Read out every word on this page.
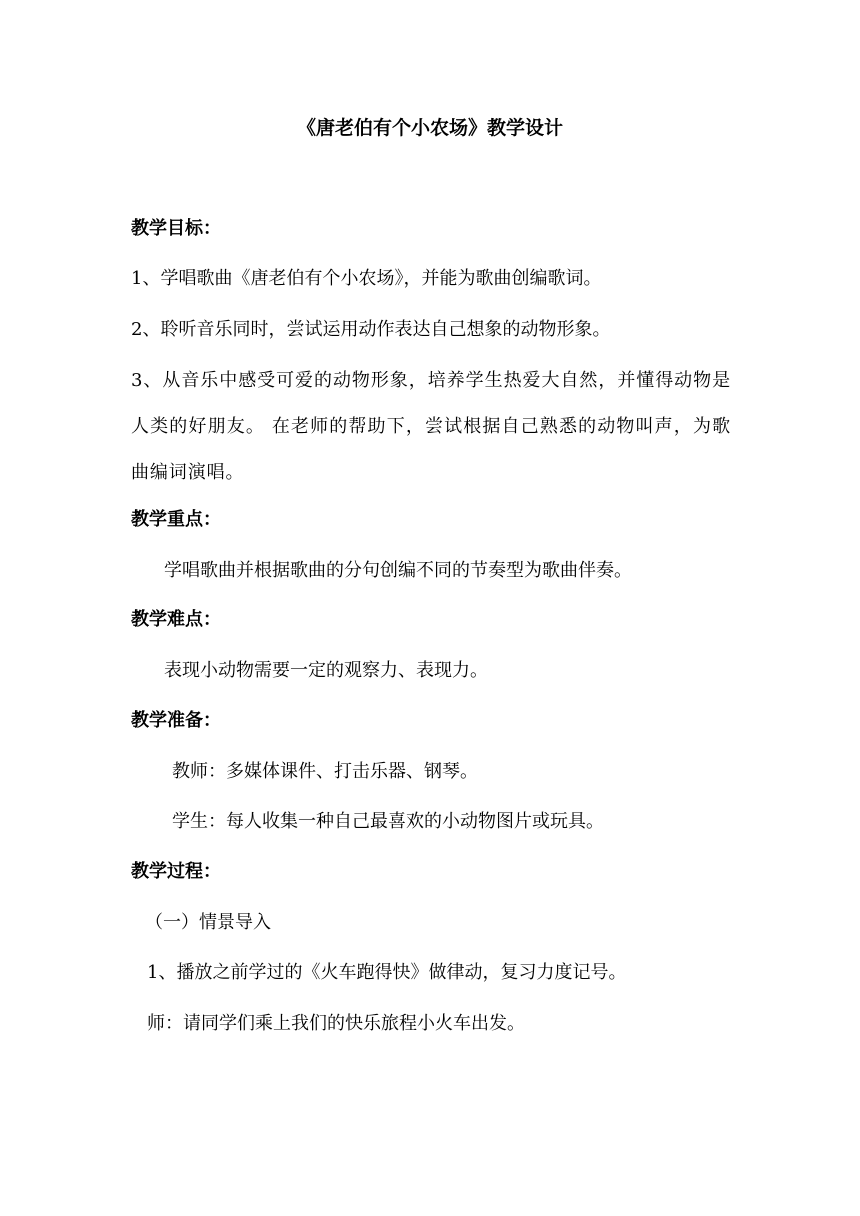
《唐老伯有个小农场》教学设计
教学目标：
1、学唱歌曲《唐老伯有个小农场》，并能为歌曲创编歌词。
2、聆听音乐同时，尝试运用动作表达自己想象的动物形象。
3、从音乐中感受可爱的动物形象，培养学生热爱大自然，并懂得动物是人类的好朋友。 在老师的帮助下，尝试根据自己熟悉的动物叫声，为歌曲编词演唱。
教学重点：
学唱歌曲并根据歌曲的分句创编不同的节奏型为歌曲伴奏。
教学难点：
表现小动物需要一定的观察力、表现力。
教学准备：
教师：多媒体课件、打击乐器、钢琴。
学生：每人收集一种自己最喜欢的小动物图片或玩具。
教学过程：
（一）情景导入
1、播放之前学过的《火车跑得快》做律动，复习力度记号。
师：请同学们乘上我们的快乐旅程小火车出发。
